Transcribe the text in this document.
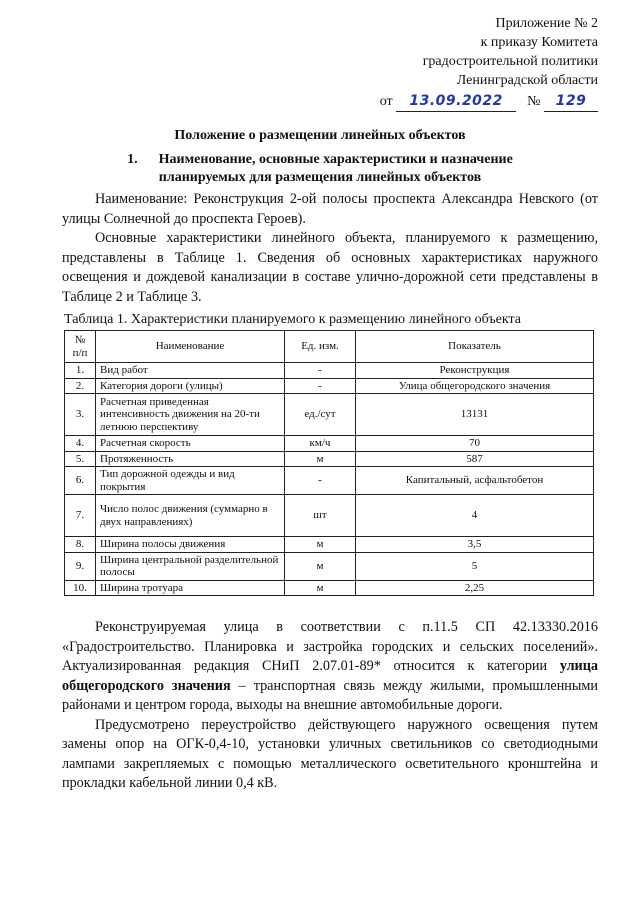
Приложение № 2
к приказу Комитета
градостроительной политики
Ленинградской области
от 13.09.2022 № 129
Положение о размещении линейных объектов
1.      Наименование, основные характеристики и назначение
планируемых для размещения линейных объектов

Наименование: Реконструкция 2-ой полосы проспекта Александра Невского (от улицы Солнечной до проспекта Героев).

Основные характеристики линейного объекта, планируемого к размещению, представлены в Таблице 1. Сведения об основных характеристиках наружного освещения и дождевой канализации в составе улично-дорожной сети представлены в Таблице 2 и Таблице 3.

Таблица 1. Характеристики планируемого к размещению линейного объекта
№ п/п	Наименование	Ед. изм.	Показатель
1.	Вид работ	-	Реконструкция
2.	Категория дороги (улицы)	-	Улица общегородского значения
3.	Расчетная приведенная интенсивность движения на 20-ти летнюю перспективу	ед./сут	13131
4.	Расчетная скорость	км/ч	70
5.	Протяженность	м	587
6.	Тип дорожной одежды и вид покрытия	-	Капитальный, асфальтобетон
7.	Число полос движения (суммарно в двух направлениях)	шт	4
8.	Ширина полосы движения	м	3,5
9.	Ширина центральной разделительной полосы	м	5
10.	Ширина тротуара	м	2,25

Реконструируемая улица в соответствии с п.11.5 СП 42.13330.2016 «Градостроительство. Планировка и застройка городских и сельских поселений». Актуализированная редакция СНиП 2.07.01-89* относится к категории улица общегородского значения – транспортная связь между жилыми, промышленными районами и центром города, выходы на внешние автомобильные дороги.

Предусмотрено переустройство действующего наружного освещения путем замены опор на ОГК-0,4-10, установки уличных светильников со светодиодными лампами закрепляемых с помощью металлического осветительного кронштейна и прокладки кабельной линии 0,4 кВ.
